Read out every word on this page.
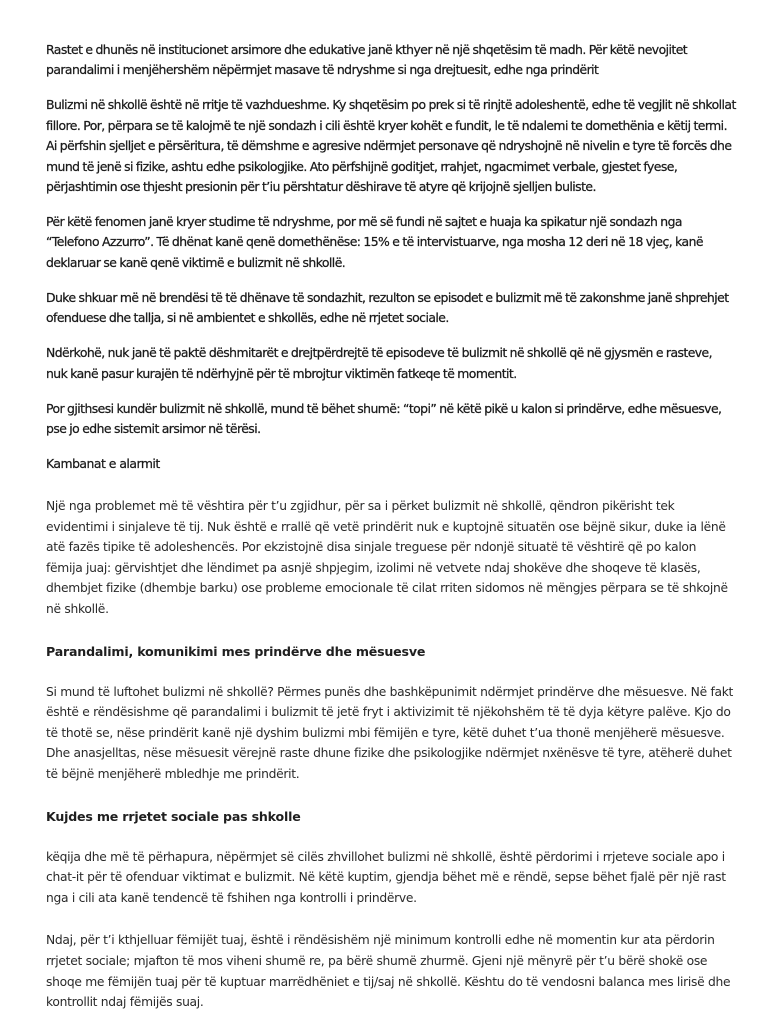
Rastet e dhunës në institucionet arsimore dhe edukative janë kthyer në një shqetësim të madh. Për këtë nevojitet parandalimi i menjëhershëm nëpërmjet masave të ndryshme si nga drejtuesit, edhe nga prindërit

Bulizmi në shkollë është në rritje të vazhdueshme. Ky shqetësim po prek si të rinjtë adoleshentë, edhe të vegjlit në shkollat fillore. Por, përpara se të kalojmë te një sondazh i cili është kryer kohët e fundit, le të ndalemi te domethënia e këtij termi. Ai përfshin sjelljet e përsëritura, të dëmshme e agresive ndërmjet personave që ndryshojnë në nivelin e tyre të forcës dhe mund të jenë si fizike, ashtu edhe psikologjike. Ato përfshijnë goditjet, rrahjet, ngacmimet verbale, gjestet fyese, përjashtimin ose thjesht presionin për t’iu përshtatur dëshirave të atyre që krijojnë sjelljen buliste.

Për këtë fenomen janë kryer studime të ndryshme, por më së fundi në sajtet e huaja ka spikatur një sondazh nga “Telefono Azzurro”. Të dhënat kanë qenë domethënëse: 15% e të intervistuarve, nga mosha 12 deri në 18 vjeç, kanë deklaruar se kanë qenë viktimë e bulizmit në shkollë.

Duke shkuar më në brendësi të të dhënave të sondazhit, rezulton se episodet e bulizmit më të zakonshme janë shprehjet ofenduese dhe tallja, si në ambientet e shkollës, edhe në rrjetet sociale.

Ndërkohë, nuk janë të paktë dëshmitarët e drejtpërdrejtë të episodeve të bulizmit në shkollë që në gjysmën e rasteve, nuk kanë pasur kurajën të ndërhyjnë për të mbrojtur viktimën fatkeqe të momentit.

Por gjithsesi kundër bulizmit në shkollë, mund të bëhet shumë: “topi” në këtë pikë u kalon si prindërve, edhe mësuesve, pse jo edhe sistemit arsimor në tërësi.

Kambanat e alarmit

Një nga problemet më të vështira për t’u zgjidhur, për sa i përket bulizmit në shkollë, qëndron pikërisht tek evidentimi i sinjaleve të tij. Nuk është e rrallë që vetë prindërit nuk e kuptojnë situatën ose bëjnë sikur, duke ia lënë atë fazës tipike të adoleshencës. Por ekzistojnë disa sinjale treguese për ndonjë situatë të vështirë që po kalon fëmija juaj: gërvishtjet dhe lëndimet pa asnjë shpjegim, izolimi në vetvete ndaj shokëve dhe shoqeve të klasës, dhembjet fizike (dhembje barku) ose probleme emocionale të cilat rriten sidomos në mëngjes përpara se të shkojnë në shkollë.

Parandalimi, komunikimi mes prindërve dhe mësuesve

Si mund të luftohet bulizmi në shkollë? Përmes punës dhe bashkëpunimit ndërmjet prindërve dhe mësuesve. Në fakt është e rëndësishme që parandalimi i bulizmit të jetë fryt i aktivizimit të njëkohshëm të të dyja këtyre palëve. Kjo do të thotë se, nëse prindërit kanë një dyshim bulizmi mbi fëmijën e tyre, këtë duhet t’ua thonë menjëherë mësuesve. Dhe anasjelltas, nëse mësuesit vërejnë raste dhune fizike dhe psikologjike ndërmjet nxënësve të tyre, atëherë duhet të bëjnë menjëherë mbledhje me prindërit.

Kujdes me rrjetet sociale pas shkolle

këqija dhe më të përhapura, nëpërmjet së cilës zhvillohet bulizmi në shkollë, është përdorimi i rrjeteve sociale apo i chat-it për të ofenduar viktimat e bulizmit. Në këtë kuptim, gjendja bëhet më e rëndë, sepse bëhet fjalë për një rast nga i cili ata kanë tendencë të fshihen nga kontrolli i prindërve.

Ndaj, për t’i kthjelluar fëmijët tuaj, është i rëndësishëm një minimum kontrolli edhe në momentin kur ata përdorin rrjetet sociale; mjafton të mos viheni shumë re, pa bërë shumë zhurmë. Gjeni një mënyrë për t’u bërë shokë ose shoqe me fëmijën tuaj për të kuptuar marrëdhëniet e tij/saj në shkollë. Kështu do të vendosni balanca mes lirisë dhe kontrollit ndaj fëmijës suaj.
